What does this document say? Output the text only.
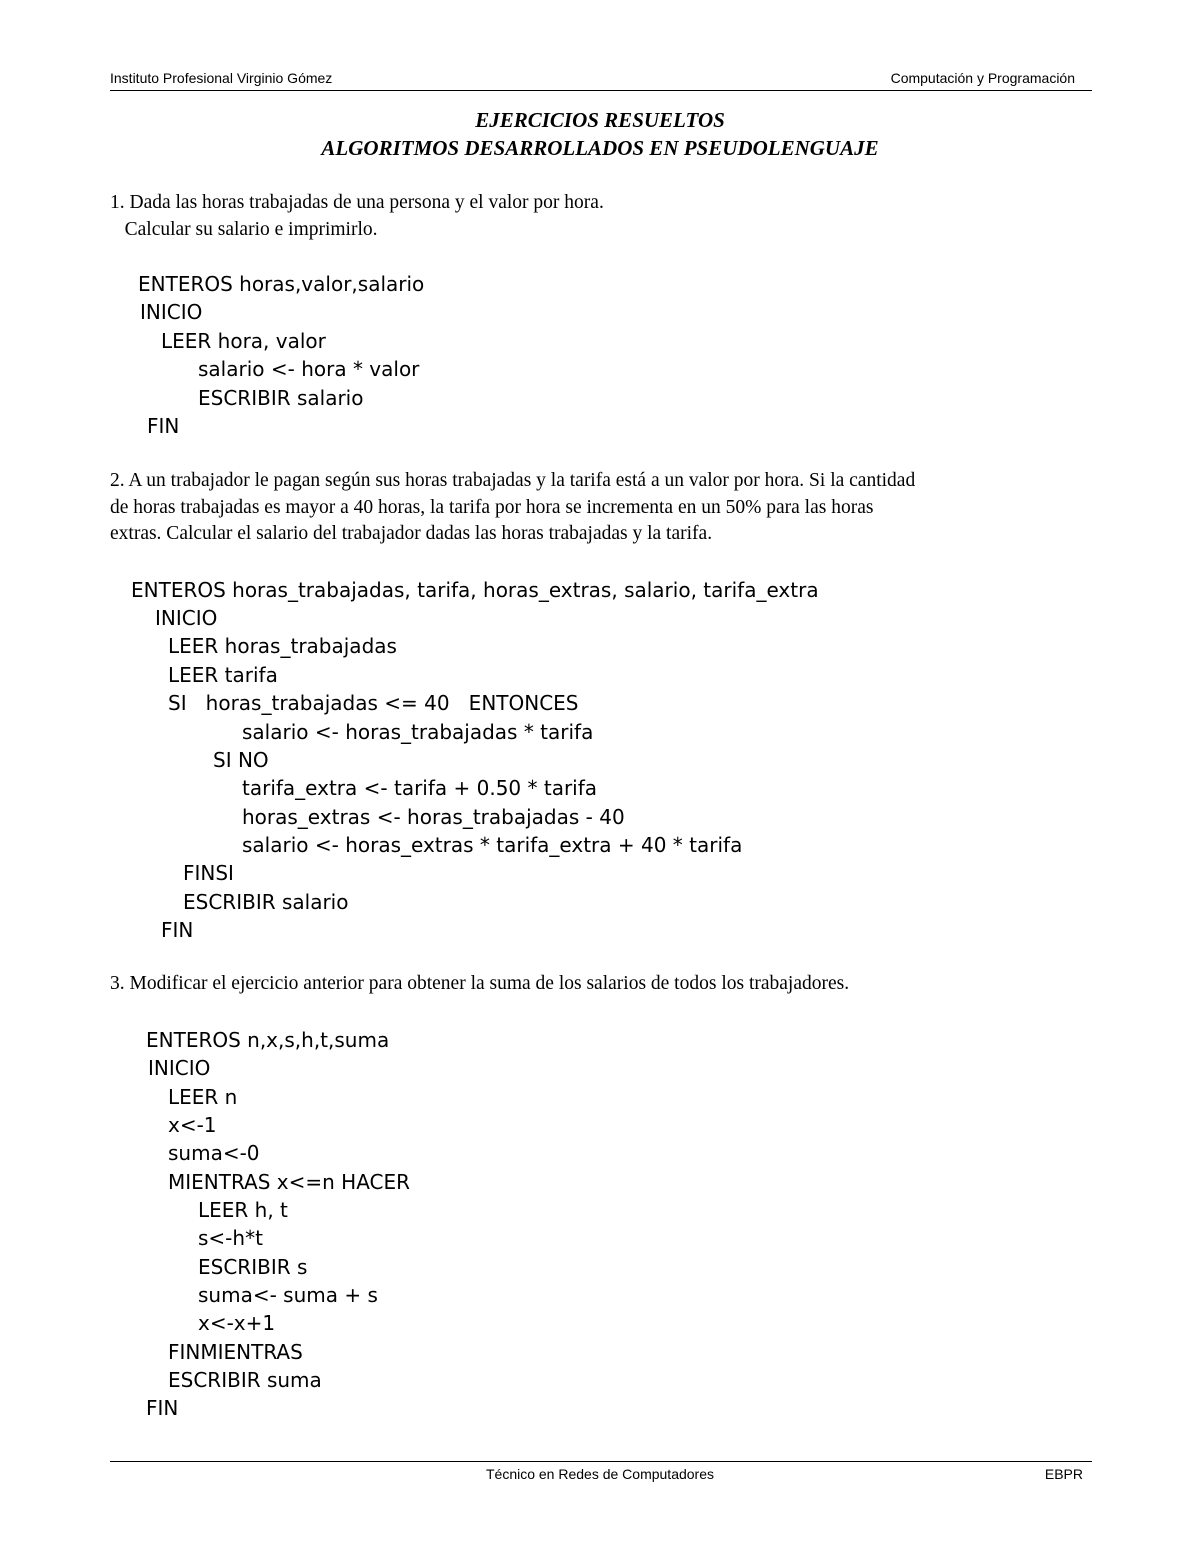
Instituto Profesional Virginio Gómez	Computación y Programación
EJERCICIOS RESUELTOS
ALGORITMOS DESARROLLADOS EN PSEUDOLENGUAJE
1. Dada las horas trabajadas de una persona y el valor por hora.
Calcular su salario e imprimirlo.
ENTEROS horas,valor,salario
INICIO
LEER hora, valor
salario <- hora * valor
ESCRIBIR salario
FIN
2. A un trabajador le pagan según sus horas trabajadas y la tarifa está a un valor por hora. Si la cantidad
de horas trabajadas es mayor a 40 horas, la tarifa por hora se incrementa en un 50% para las horas
extras. Calcular el salario del trabajador dadas las horas trabajadas y la tarifa.
ENTEROS horas_trabajadas, tarifa, horas_extras, salario, tarifa_extra
INICIO
LEER horas_trabajadas
LEER tarifa
SI   horas_trabajadas <= 40   ENTONCES
salario <- horas_trabajadas * tarifa
SI NO
tarifa_extra <- tarifa + 0.50 * tarifa
horas_extras <- horas_trabajadas - 40
salario <- horas_extras * tarifa_extra + 40 * tarifa
FINSI
ESCRIBIR salario
FIN
3. Modificar el ejercicio anterior para obtener la suma de los salarios de todos los trabajadores.
ENTEROS n,x,s,h,t,suma
INICIO
LEER n
x<-1
suma<-0
MIENTRAS x<=n HACER
LEER h, t
s<-h*t
ESCRIBIR s
suma<- suma + s
x<-x+1
FINMIENTRAS
ESCRIBIR suma
FIN
Técnico en Redes de Computadores	EBPR
